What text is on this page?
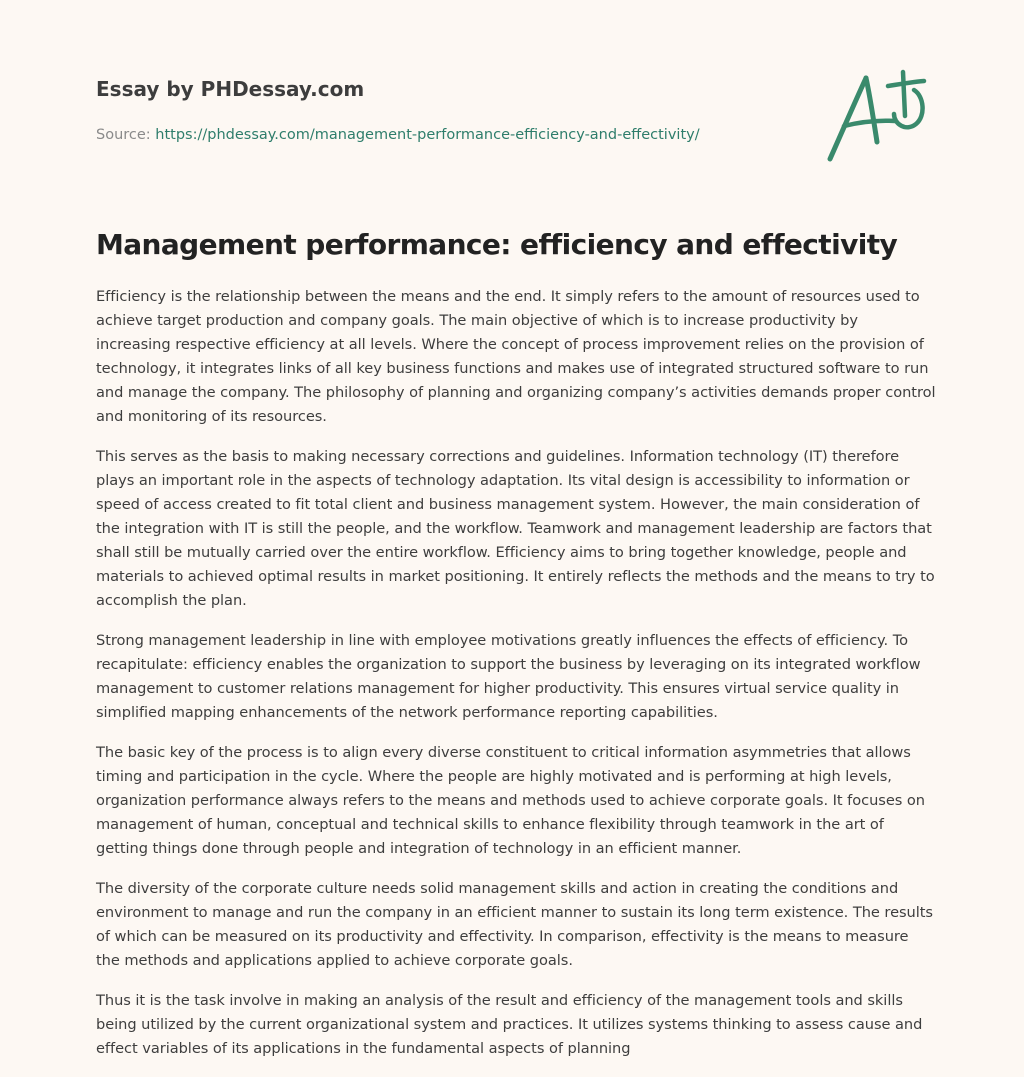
Essay by PHDessay.com
Source: https://phdessay.com/management-performance-efficiency-and-effectivity/
Management performance: efficiency and effectivity

Efficiency is the relationship between the means and the end. It simply refers to the amount of resources used to achieve target production and company goals. The main objective of which is to increase productivity by increasing respective efficiency at all levels. Where the concept of process improvement relies on the provision of technology, it integrates links of all key business functions and makes use of integrated structured software to run and manage the company. The philosophy of planning and organizing company’s activities demands proper control and monitoring of its resources.

This serves as the basis to making necessary corrections and guidelines. Information technology (IT) therefore plays an important role in the aspects of technology adaptation. Its vital design is accessibility to information or speed of access created to fit total client and business management system. However, the main consideration of the integration with IT is still the people, and the workflow. Teamwork and management leadership are factors that shall still be mutually carried over the entire workflow. Efficiency aims to bring together knowledge, people and materials to achieved optimal results in market positioning. It entirely reflects the methods and the means to try to accomplish the plan.

Strong management leadership in line with employee motivations greatly influences the effects of efficiency. To recapitulate: efficiency enables the organization to support the business by leveraging on its integrated workflow management to customer relations management for higher productivity. This ensures virtual service quality in simplified mapping enhancements of the network performance reporting capabilities.

The basic key of the process is to align every diverse constituent to critical information asymmetries that allows timing and participation in the cycle. Where the people are highly motivated and is performing at high levels, organization performance always refers to the means and methods used to achieve corporate goals. It focuses on management of human, conceptual and technical skills to enhance flexibility through teamwork in the art of getting things done through people and integration of technology in an efficient manner.

The diversity of the corporate culture needs solid management skills and action in creating the conditions and environment to manage and run the company in an efficient manner to sustain its long term existence. The results of which can be measured on its productivity and effectivity. In comparison, effectivity is the means to measure the methods and applications applied to achieve corporate goals.

Thus it is the task involve in making an analysis of the result and efficiency of the management tools and skills being utilized by the current organizational system and practices. It utilizes systems thinking to assess cause and effect variables of its applications in the fundamental aspects of planning
